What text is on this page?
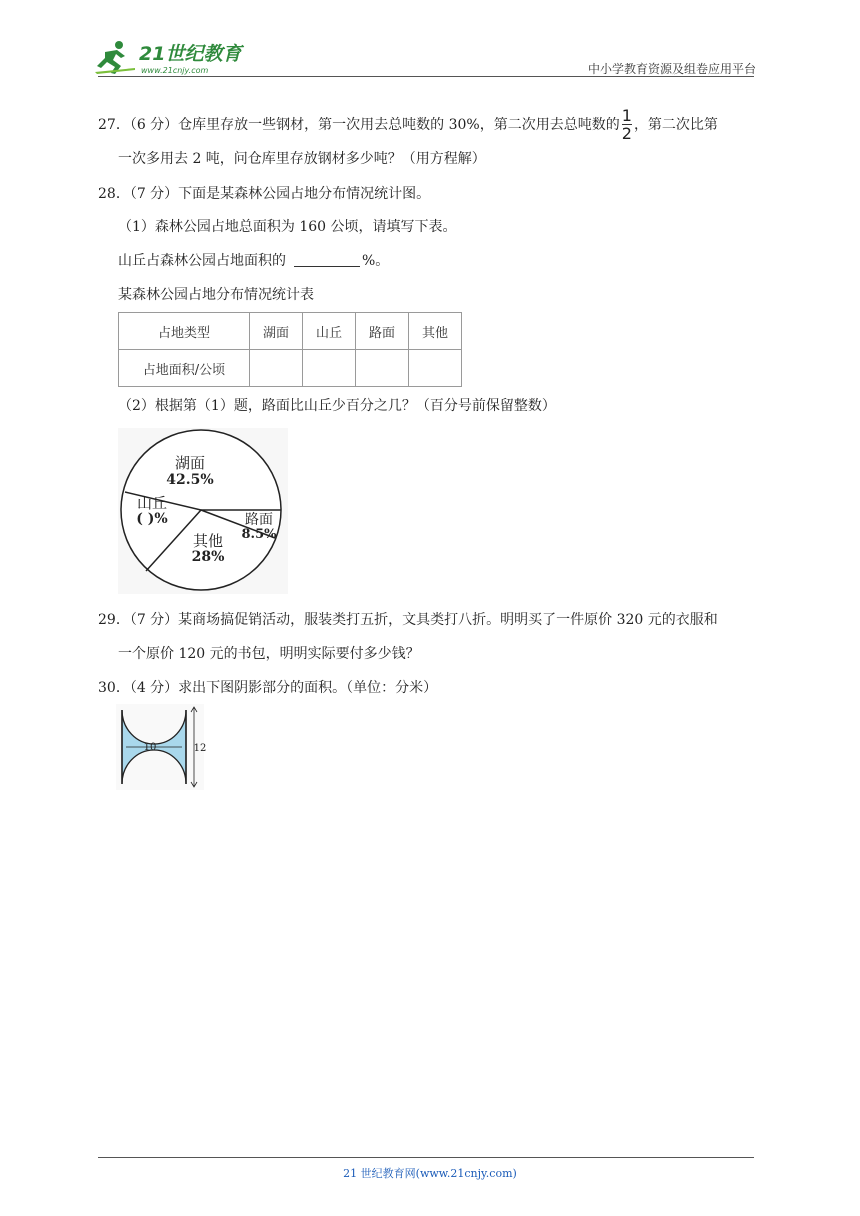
21世纪教育
www.21cnjy.com	中小学教育资源及组卷应用平台
27．（6 分）仓库里存放一些钢材，第一次用去总吨数的 30%，第二次用去总吨数的 $\frac{1}{2}$ ，第二次比第
一次多用去 2 吨，问仓库里存放钢材多少吨？（用方程解）
28．（7 分）下面是某森林公园占地分布情况统计图。
（1）森林公园占地总面积为 160 公顷，请填写下表。
山丘占森林公园占地面积的	%。
某森林公园占地分布情况统计表
占地类型	湖面	山丘	路面	其他
占地面积/公顷				
（2）根据第（1）题，路面比山丘少百分之几？（百分号前保留整数）
湖面
42.5%
山丘
( )%	路面
8.5%
其他
28%
29．（7 分）某商场搞促销活动，服装类打五折，文具类打八折。明明买了一件原价 320 元的衣服和
一个原价 120 元的书包，明明实际要付多少钱？
30．（4 分）求出下图阴影部分的面积。（单位：分米）
10	12
21 世纪教育网(www.21cnjy.com)
